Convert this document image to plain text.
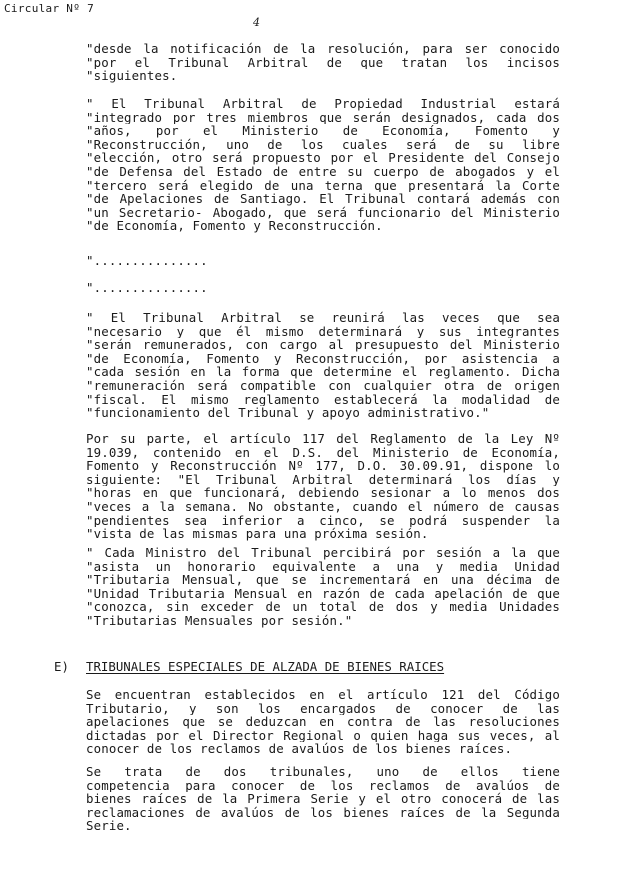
Circular Nº 7
4
"desde la notificación de la resolución, para ser conocido
"por el Tribunal Arbitral de que tratan los incisos
"siguientes.
" El Tribunal Arbitral de Propiedad Industrial estará
"integrado por tres miembros que serán designados, cada dos
"años, por el Ministerio de Economía, Fomento y
"Reconstrucción, uno de los cuales será de su libre
"elección, otro será propuesto por el Presidente del Consejo
"de Defensa del Estado de entre su cuerpo de abogados y el
"tercero será elegido de una terna que presentará la Corte
"de Apelaciones de Santiago. El Tribunal contará además con
"un Secretario- Abogado, que será funcionario del Ministerio
"de Economía, Fomento y Reconstrucción.
"...............
"...............
" El Tribunal Arbitral se reunirá las veces que sea
"necesario y que él mismo determinará y sus integrantes
"serán remunerados, con cargo al presupuesto del Ministerio
"de Economía, Fomento y Reconstrucción, por asistencia a
"cada sesión en la forma que determine el reglamento. Dicha
"remuneración será compatible con cualquier otra de origen
"fiscal. El mismo reglamento establecerá la modalidad de
"funcionamiento del Tribunal y apoyo administrativo."
Por su parte, el artículo 117 del Reglamento de la Ley Nº
19.039, contenido en el D.S. del Ministerio de Economía,
Fomento y Reconstrucción Nº 177, D.O. 30.09.91, dispone lo
siguiente: "El Tribunal Arbitral determinará los días y
"horas en que funcionará, debiendo sesionar a lo menos dos
"veces a la semana. No obstante, cuando el número de causas
"pendientes sea inferior a cinco, se podrá suspender la
"vista de las mismas para una próxima sesión.
" Cada Ministro del Tribunal percibirá por sesión a la que
"asista un honorario equivalente a una y media Unidad
"Tributaria Mensual, que se incrementará en una décima de
"Unidad Tributaria Mensual en razón de cada apelación de que
"conozca, sin exceder de un total de dos y media Unidades
"Tributarias Mensuales por sesión."
E) TRIBUNALES ESPECIALES DE ALZADA DE BIENES RAICES
Se encuentran establecidos en el artículo 121 del Código
Tributario, y son los encargados de conocer de las
apelaciones que se deduzcan en contra de las resoluciones
dictadas por el Director Regional o quien haga sus veces, al
conocer de los reclamos de avalúos de los bienes raíces.
Se trata de dos tribunales, uno de ellos tiene
competencia para conocer de los reclamos de avalúos de
bienes raíces de la Primera Serie y el otro conocerá de las
reclamaciones de avalúos de los bienes raíces de la Segunda
Serie.
